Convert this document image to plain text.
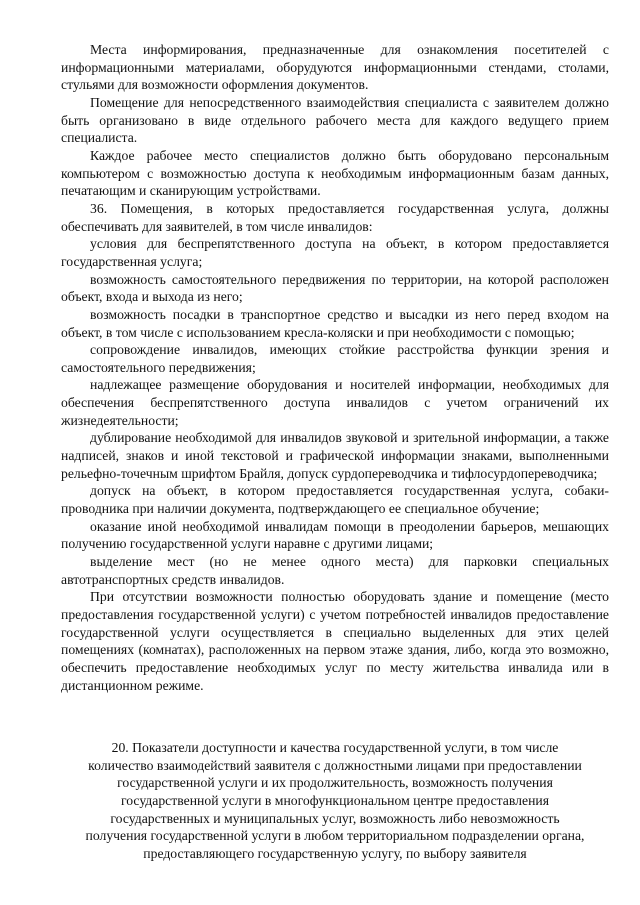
Места информирования, предназначенные для ознакомления посетителей с информационными материалами, оборудуются информационными стендами, столами, стульями для возможности оформления документов.

Помещение для непосредственного взаимодействия специалиста с заявителем должно быть организовано в виде отдельного рабочего места для каждого ведущего прием специалиста.

Каждое рабочее место специалистов должно быть оборудовано персональным компьютером с возможностью доступа к необходимым информационным базам данных, печатающим и сканирующим устройствами.

36. Помещения, в которых предоставляется государственная услуга, должны обеспечивать для заявителей, в том числе инвалидов:

условия для беспрепятственного доступа на объект, в котором предоставляется государственная услуга;

возможность самостоятельного передвижения по территории, на которой расположен объект, входа и выхода из него;

возможность посадки в транспортное средство и высадки из него перед входом на объект, в том числе с использованием кресла-коляски и при необходимости с помощью;

сопровождение инвалидов, имеющих стойкие расстройства функции зрения и самостоятельного передвижения;

надлежащее размещение оборудования и носителей информации, необходимых для обеспечения беспрепятственного доступа инвалидов с учетом ограничений их жизнедеятельности;

дублирование необходимой для инвалидов звуковой и зрительной информации, а также надписей, знаков и иной текстовой и графической информации знаками, выполненными рельефно-точечным шрифтом Брайля, допуск сурдопереводчика и тифлосурдопереводчика;

допуск на объект, в котором предоставляется государственная услуга, собаки-проводника при наличии документа, подтверждающего ее специальное обучение;

оказание иной необходимой инвалидам помощи в преодолении барьеров, мешающих получению государственной услуги наравне с другими лицами;

выделение мест (но не менее одного места) для парковки специальных автотранспортных средств инвалидов.

При отсутствии возможности полностью оборудовать здание и помещение (место предоставления государственной услуги) с учетом потребностей инвалидов предоставление государственной услуги осуществляется в специально выделенных для этих целей помещениях (комнатах), расположенных на первом этаже здания, либо, когда это возможно, обеспечить предоставление необходимых услуг по месту жительства инвалида или в дистанционном режиме.

20. Показатели доступности и качества государственной услуги, в том числе количество взаимодействий заявителя с должностными лицами при предоставлении государственной услуги и их продолжительность, возможность получения государственной услуги в многофункциональном центре предоставления государственных и муниципальных услуг, возможность либо невозможность получения государственной услуги в любом территориальном подразделении органа, предоставляющего государственную услугу, по выбору заявителя
